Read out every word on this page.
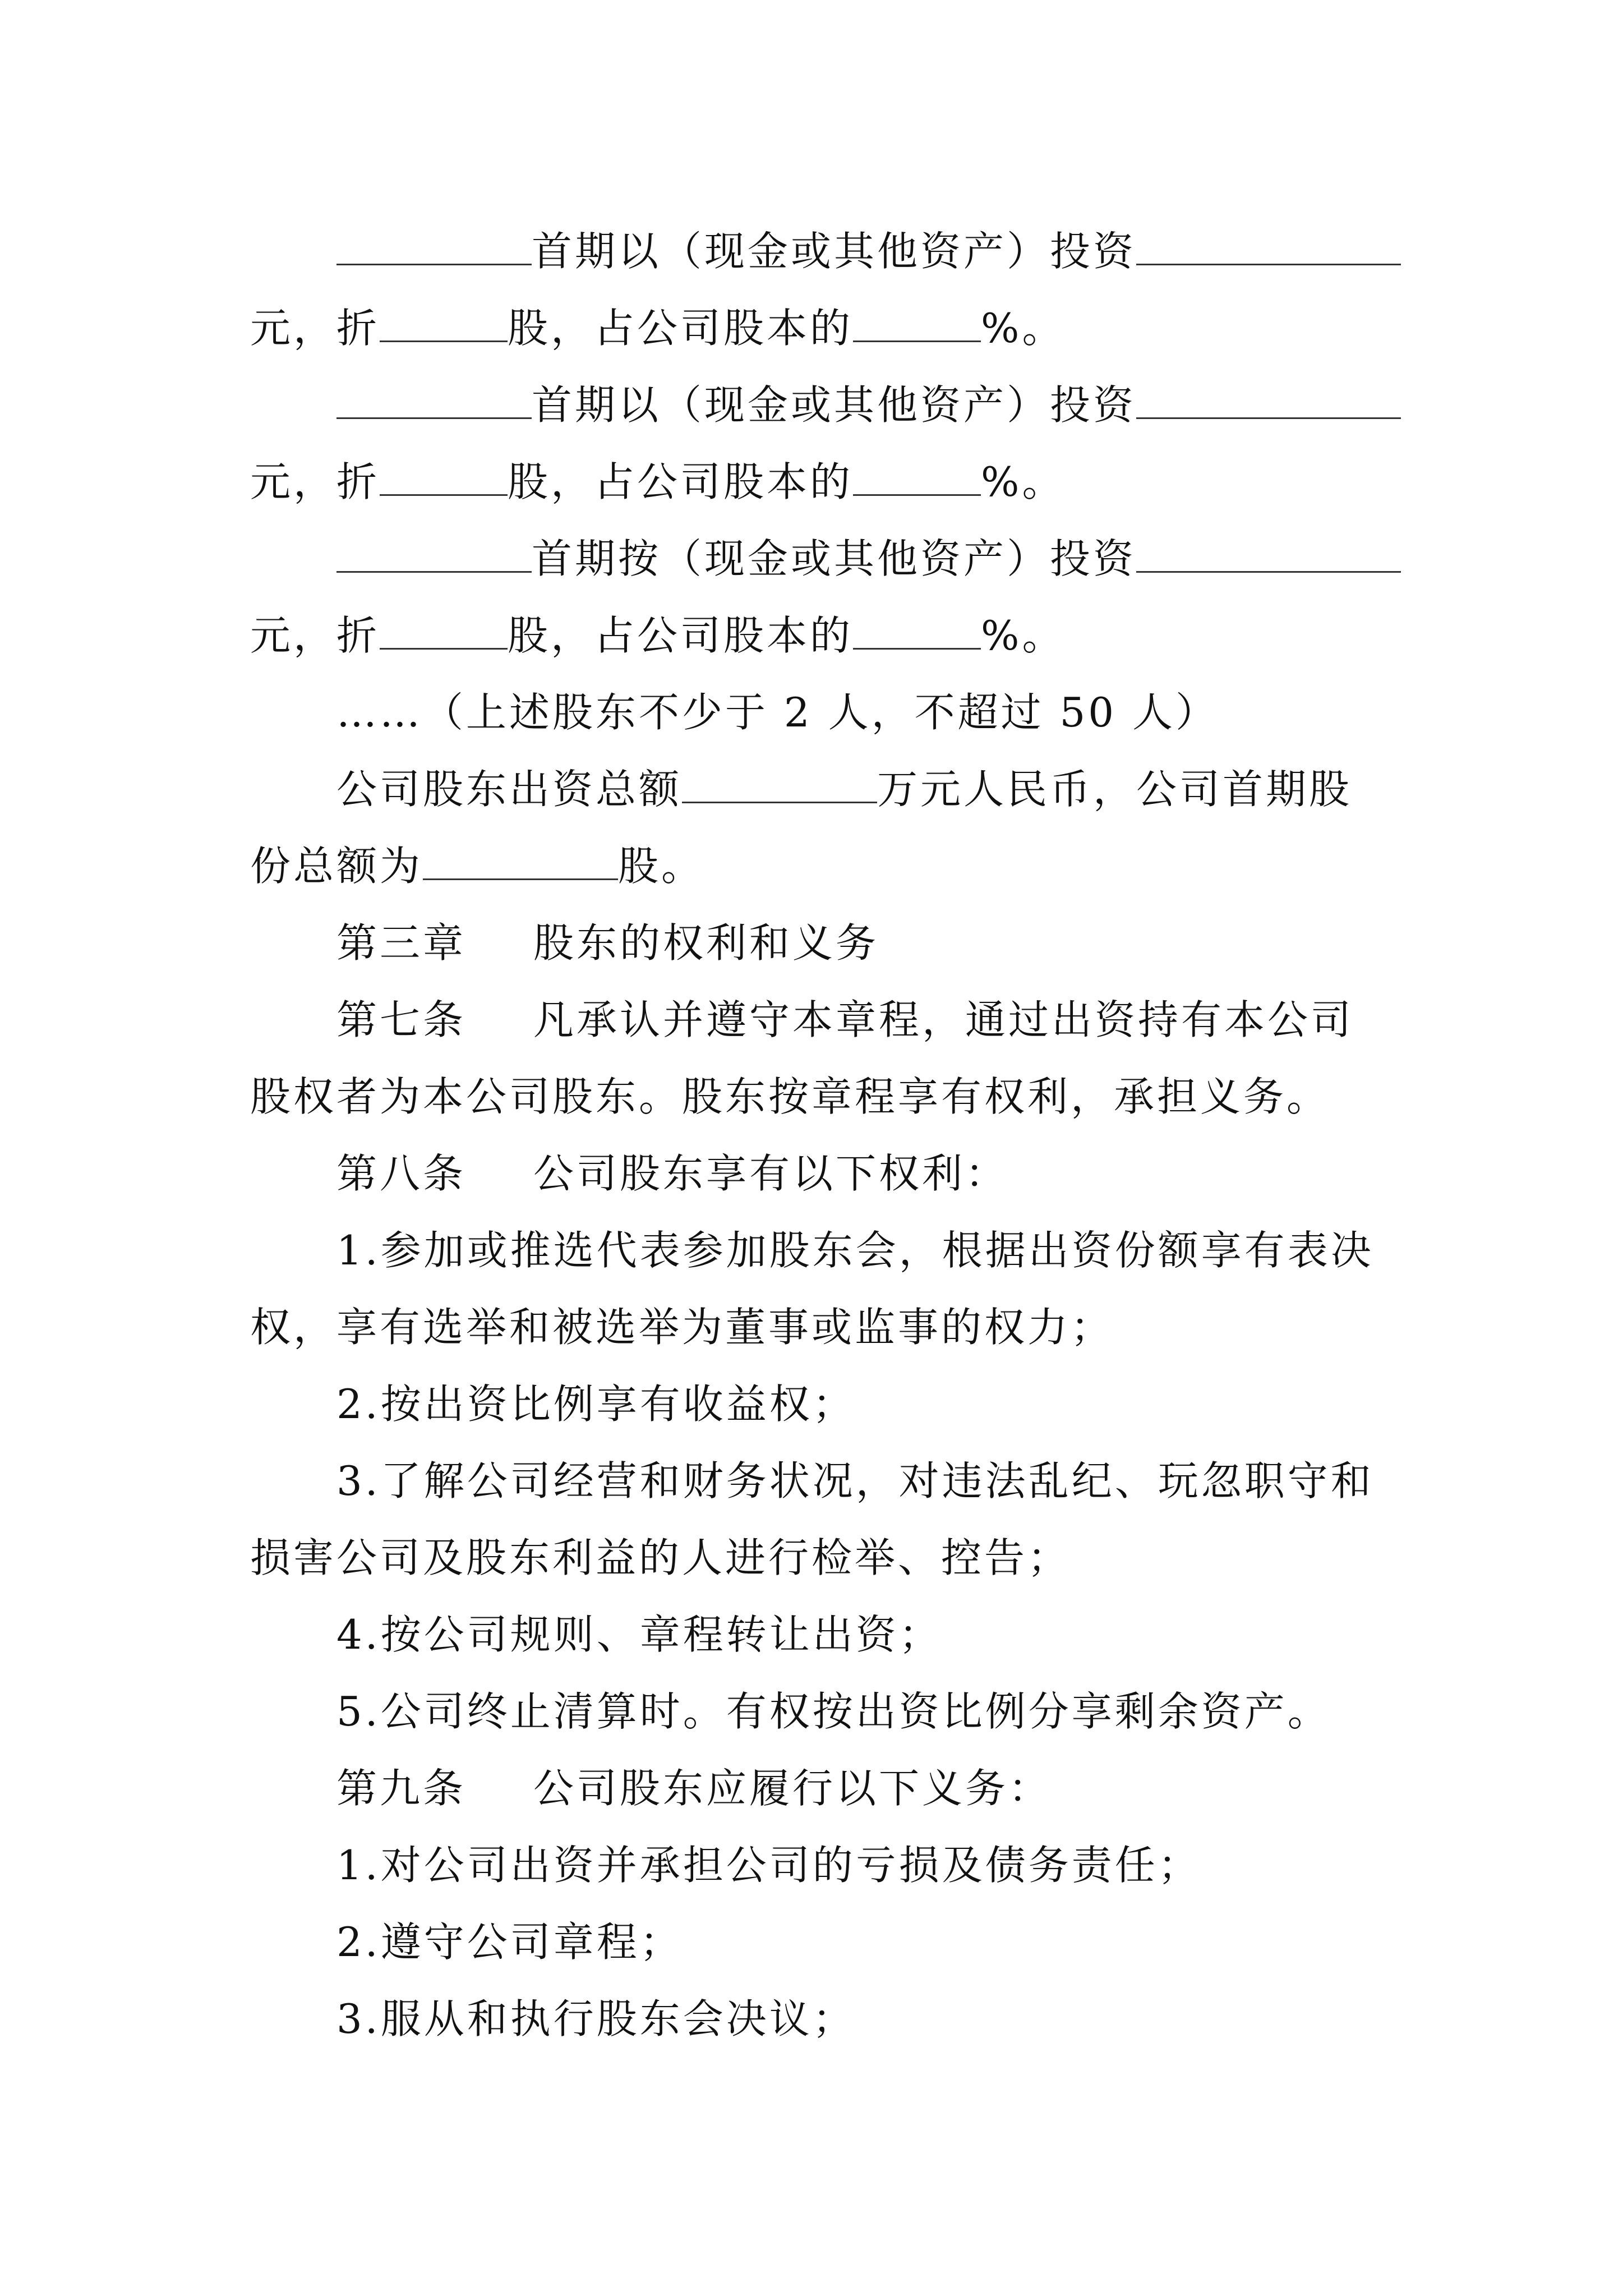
首期以（现金或其他资产）投资
元，折	股，占公司股本的	%。
首期以（现金或其他资产）投资
元，折	股，占公司股本的	%。
首期按（现金或其他资产）投资
元，折	股，占公司股本的	%。
……（上述股东不少于 2 人，不超过 50 人）
公司股东出资总额	万元人民币，公司首期股
份总额为	股。
第三章 股东的权利和义务
第七条 凡承认并遵守本章程，通过出资持有本公司
股权者为本公司股东。股东按章程享有权利，承担义务。
第八条 公司股东享有以下权利：
1.参加或推选代表参加股东会，根据出资份额享有表决
权，享有选举和被选举为董事或监事的权力；
2.按出资比例享有收益权；
3.了解公司经营和财务状况，对违法乱纪、玩忽职守和
损害公司及股东利益的人进行检举、控告；
4.按公司规则、章程转让出资；
5.公司终止清算时。有权按出资比例分享剩余资产。
第九条 公司股东应履行以下义务：
1.对公司出资并承担公司的亏损及债务责任；
2.遵守公司章程；
3.服从和执行股东会决议；
